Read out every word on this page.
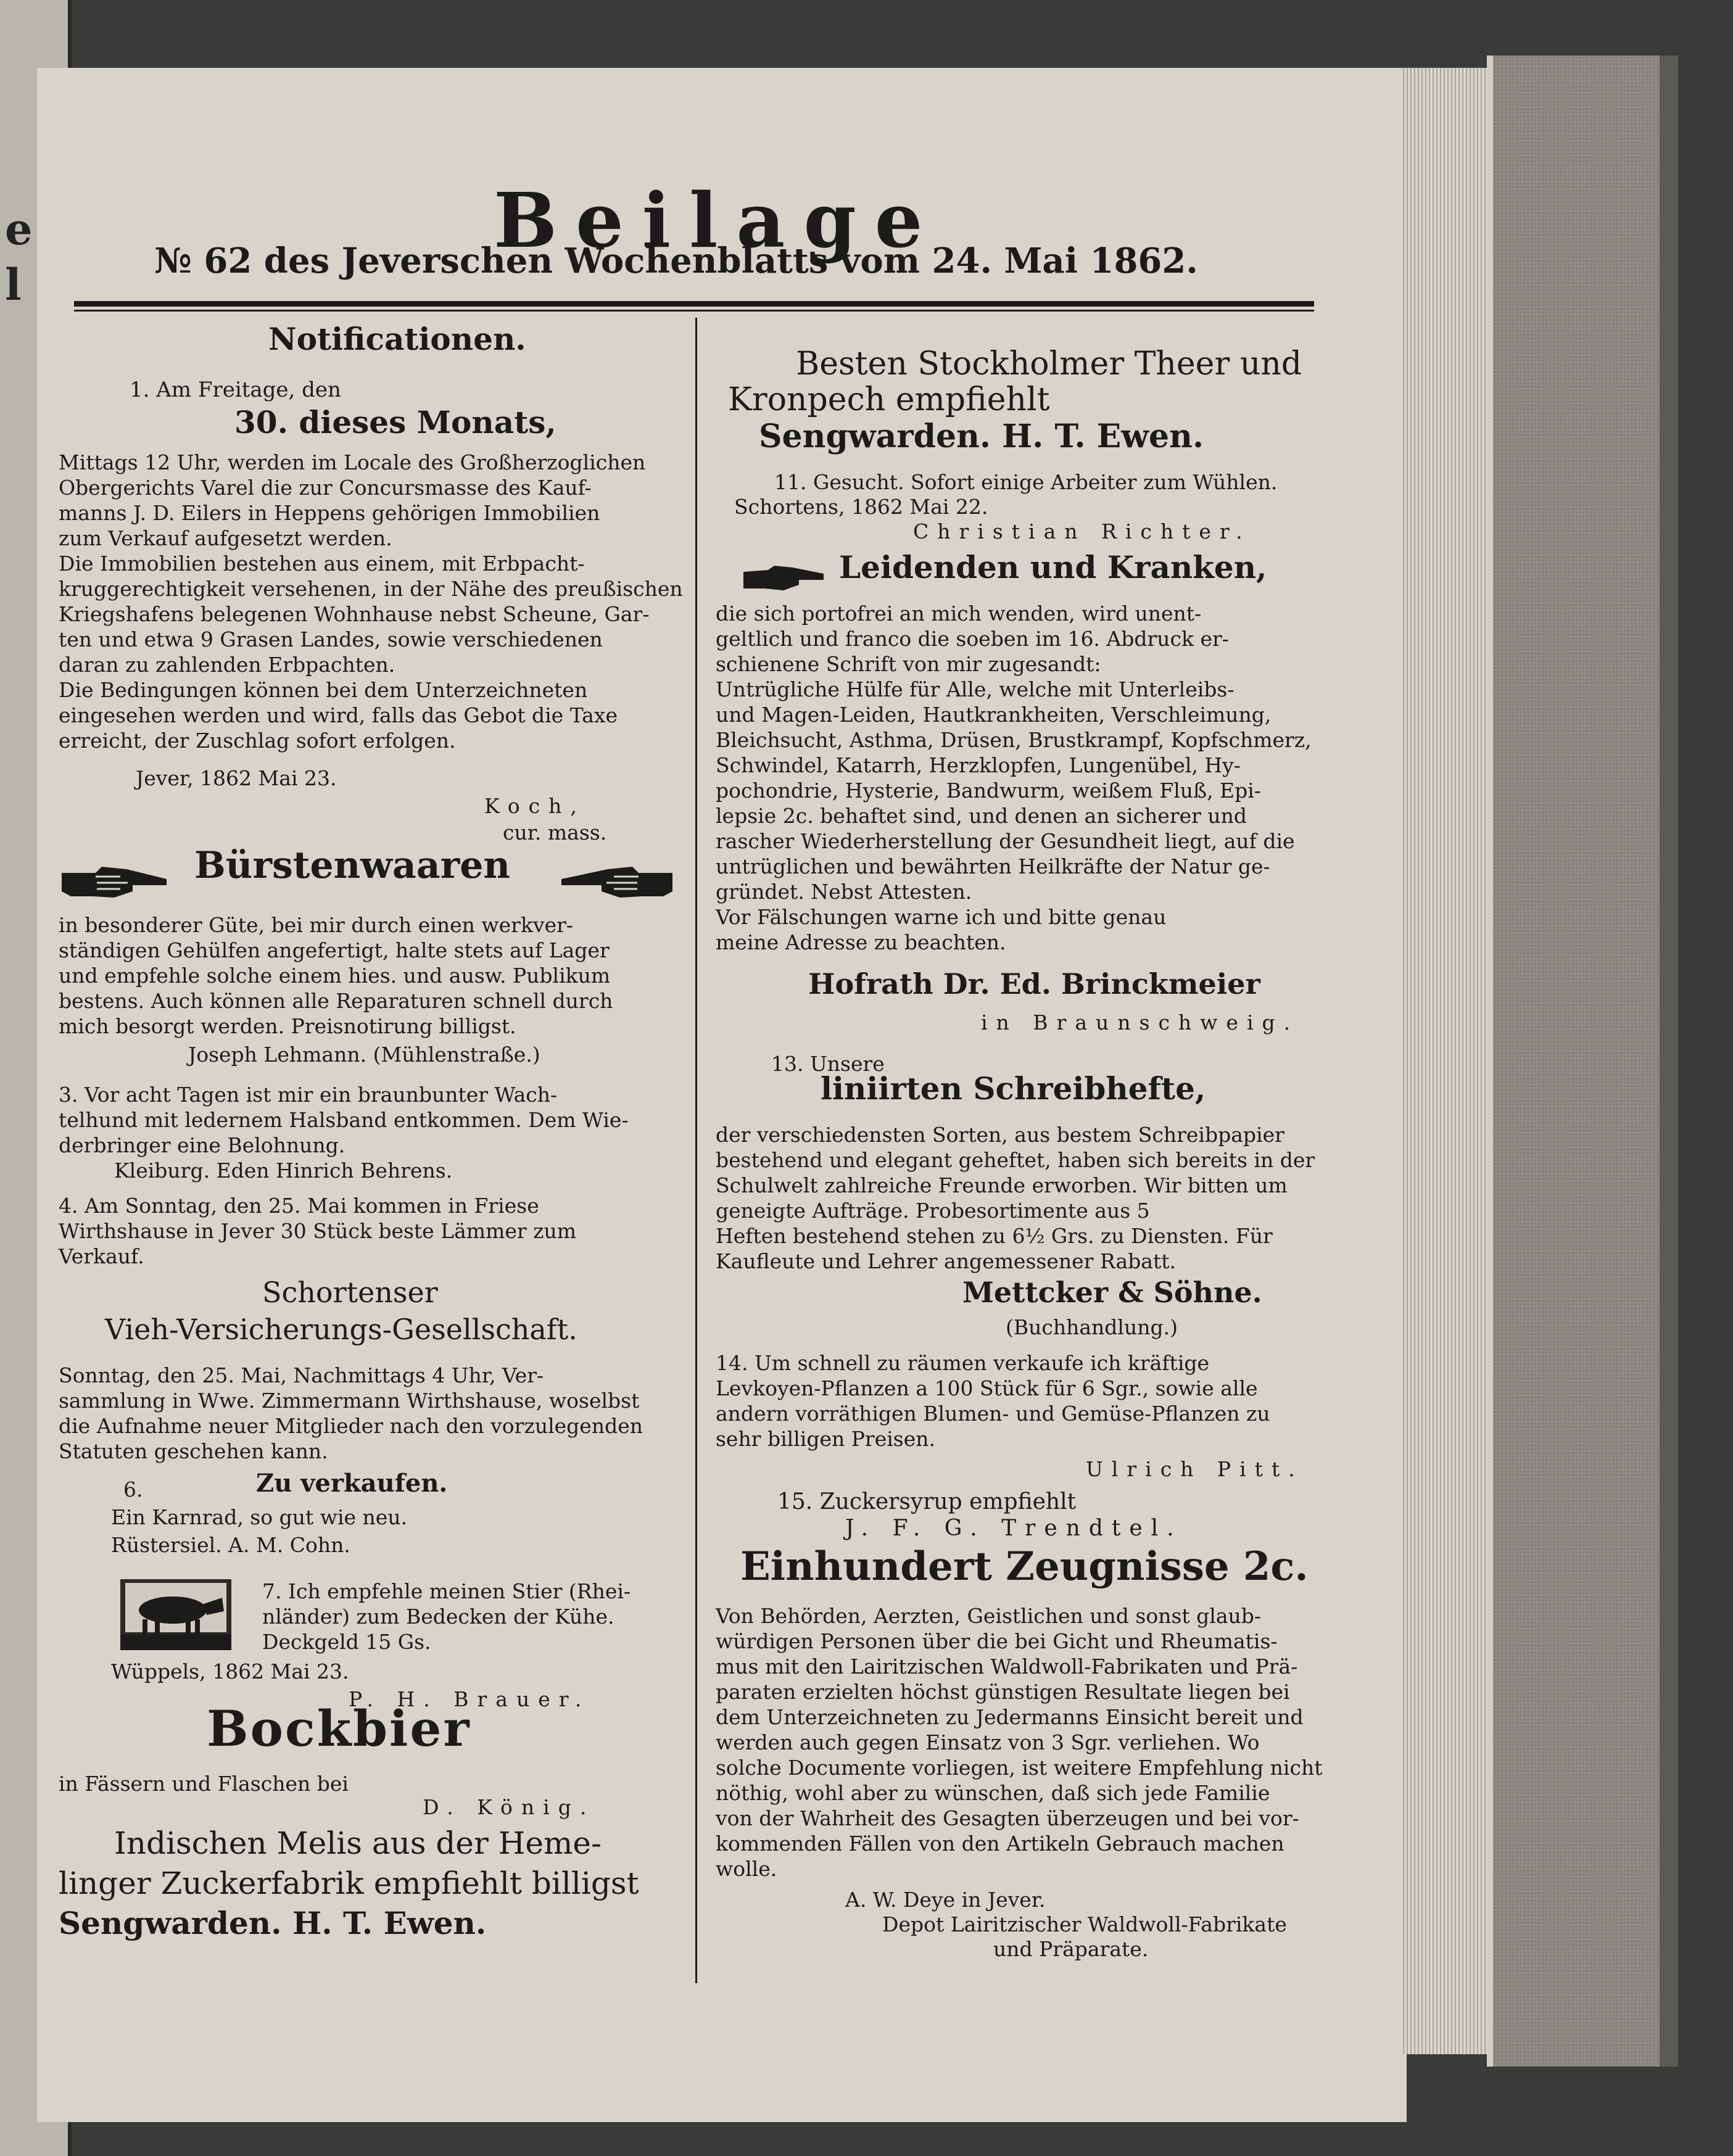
e
l
Beilage
№ 62 des Jeverschen Wochenblatts vom 24. Mai 1862.
Notificationen.
1. Am Freitage, den
30. dieses Monats,
Mittags 12 Uhr, werden im Locale des Großherzoglichen
Obergerichts Varel die zur Concursmasse des Kauf-
manns J. D. Eilers in Heppens gehörigen Immobilien
zum Verkauf aufgesetzt werden.
Die Immobilien bestehen aus einem, mit Erbpacht-
kruggerechtigkeit versehenen, in der Nähe des preußischen
Kriegshafens belegenen Wohnhause nebst Scheune, Gar-
ten und etwa 9 Grasen Landes, sowie verschiedenen
daran zu zahlenden Erbpachten.
Die Bedingungen können bei dem Unterzeichneten
eingesehen werden und wird, falls das Gebot die Taxe
erreicht, der Zuschlag sofort erfolgen.
Jever, 1862 Mai 23.
Koch,
cur. mass.
Bürstenwaaren
in besonderer Güte, bei mir durch einen werkver-
ständigen Gehülfen angefertigt, halte stets auf Lager
und empfehle solche einem hies. und ausw. Publikum
bestens. Auch können alle Reparaturen schnell durch
mich besorgt werden. Preisnotirung billigst.
Joseph Lehmann. (Mühlenstraße.)
3. Vor acht Tagen ist mir ein braunbunter Wach-
telhund mit ledernem Halsband entkommen. Dem Wie-
derbringer eine Belohnung.
Kleiburg. Eden Hinrich Behrens.
4. Am Sonntag, den 25. Mai kommen in Friese
Wirthshause in Jever 30 Stück beste Lämmer zum
Verkauf.
Schortenser
Vieh-Versicherungs-Gesellschaft.
Sonntag, den 25. Mai, Nachmittags 4 Uhr, Ver-
sammlung in Wwe. Zimmermann Wirthshause, woselbst
die Aufnahme neuer Mitglieder nach den vorzulegenden
Statuten geschehen kann.
6.	Zu verkaufen.
Ein Karnrad, so gut wie neu.
Rüstersiel. A. M. Cohn.
7. Ich empfehle meinen Stier (Rhei-
nländer) zum Bedecken der Kühe.
Deckgeld 15 Gs.
Wüppels, 1862 Mai 23.
P. H. Brauer.
Bockbier
in Fässern und Flaschen bei
D. König.
Indischen Melis aus der Heme-
linger Zuckerfabrik empfiehlt billigst
Sengwarden. H. T. Ewen.
Besten Stockholmer Theer und
Kronpech empfiehlt
Sengwarden. H. T. Ewen.
11. Gesucht. Sofort einige Arbeiter zum Wühlen.
Schortens, 1862 Mai 22.
Christian Richter.
Leidenden und Kranken,
die sich portofrei an mich wenden, wird unent-
geltlich und franco die soeben im 16. Abdruck er-
schienene Schrift von mir zugesandt:
Untrügliche Hülfe für Alle, welche mit Unterleibs-
und Magen-Leiden, Hautkrankheiten, Verschleimung,
Bleichsucht, Asthma, Drüsen, Brustkrampf, Kopfschmerz,
Schwindel, Katarrh, Herzklopfen, Lungenübel, Hy-
pochondrie, Hysterie, Bandwurm, weißem Fluß, Epi-
lepsie 2c. behaftet sind, und denen an sicherer und
rascher Wiederherstellung der Gesundheit liegt, auf die
untrüglichen und bewährten Heilkräfte der Natur ge-
gründet. Nebst Attesten.
Vor Fälschungen warne ich und bitte genau
meine Adresse zu beachten.
Hofrath Dr. Ed. Brinckmeier
in Braunschweig.
13. Unsere
liniirten Schreibhefte,
der verschiedensten Sorten, aus bestem Schreibpapier
bestehend und elegant geheftet, haben sich bereits in der
Schulwelt zahlreiche Freunde erworben. Wir bitten um
geneigte Aufträge. Probesortimente aus 5
Heften bestehend stehen zu 6½ Grs. zu Diensten. Für
Kaufleute und Lehrer angemessener Rabatt.
Mettcker & Söhne.
(Buchhandlung.)
14. Um schnell zu räumen verkaufe ich kräftige
Levkoyen-Pflanzen a 100 Stück für 6 Sgr., sowie alle
andern vorräthigen Blumen- und Gemüse-Pflanzen zu
sehr billigen Preisen.
Ulrich Pitt.
15. Zuckersyrup empfiehlt
J. F. G. Trendtel.
Einhundert Zeugnisse 2c.
Von Behörden, Aerzten, Geistlichen und sonst glaub-
würdigen Personen über die bei Gicht und Rheumatis-
mus mit den Lairitzischen Waldwoll-Fabrikaten und Prä-
paraten erzielten höchst günstigen Resultate liegen bei
dem Unterzeichneten zu Jedermanns Einsicht bereit und
werden auch gegen Einsatz von 3 Sgr. verliehen. Wo
solche Documente vorliegen, ist weitere Empfehlung nicht
nöthig, wohl aber zu wünschen, daß sich jede Familie
von der Wahrheit des Gesagten überzeugen und bei vor-
kommenden Fällen von den Artikeln Gebrauch machen
wolle.
A. W. Deye in Jever.
Depot Lairitzischer Waldwoll-Fabrikate
und Präparate.
